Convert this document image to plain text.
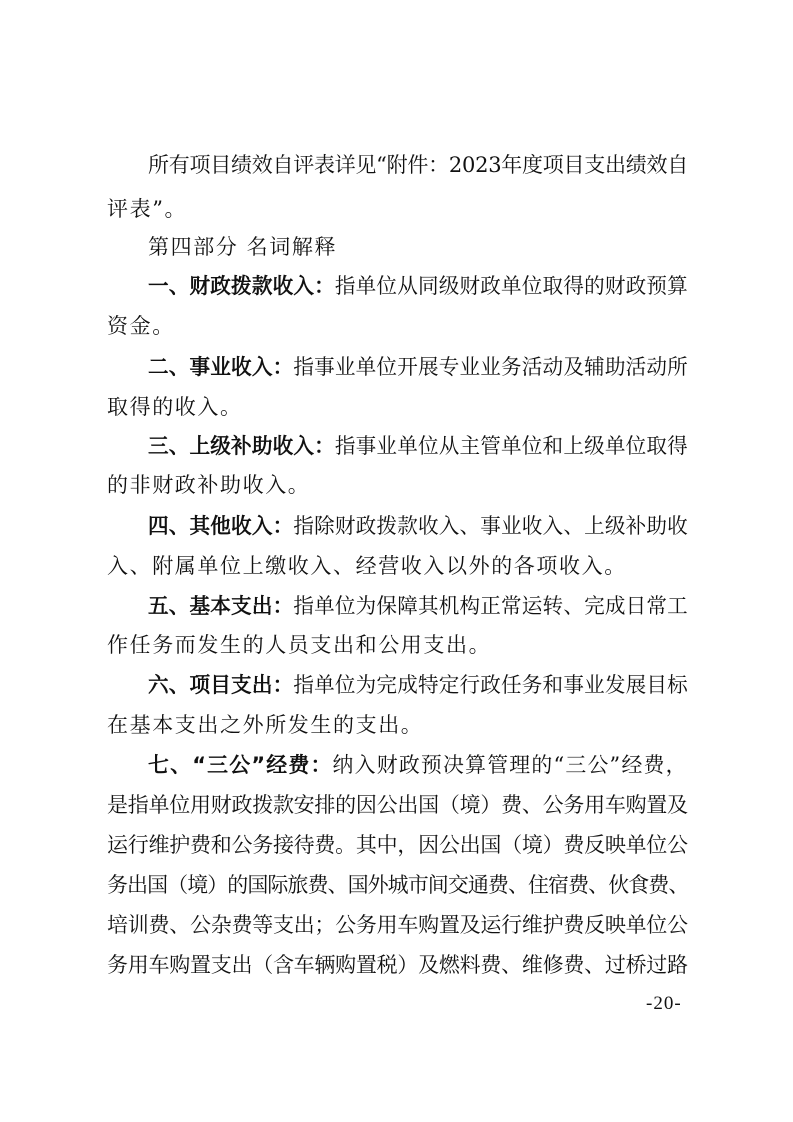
所有项目绩效自评表详见“附件：2023年度项目支出绩效自
评表”。
第四部分 名词解释
一、财政拨款收入：指单位从同级财政单位取得的财政预算
资金。
二、事业收入：指事业单位开展专业业务活动及辅助活动所
取得的收入。
三、上级补助收入：指事业单位从主管单位和上级单位取得
的非财政补助收入。
四、其他收入：指除财政拨款收入、事业收入、上级补助收
入、附属单位上缴收入、经营收入以外的各项收入。
五、基本支出：指单位为保障其机构正常运转、完成日常工
作任务而发生的人员支出和公用支出。
六、项目支出：指单位为完成特定行政任务和事业发展目标
在基本支出之外所发生的支出。
七、“三公”经费：纳入财政预决算管理的“三公”经费，
是指单位用财政拨款安排的因公出国（境）费、公务用车购置及
运行维护费和公务接待费。其中，因公出国（境）费反映单位公
务出国（境）的国际旅费、国外城市间交通费、住宿费、伙食费、
培训费、公杂费等支出；公务用车购置及运行维护费反映单位公
务用车购置支出（含车辆购置税）及燃料费、维修费、过桥过路
-20-
